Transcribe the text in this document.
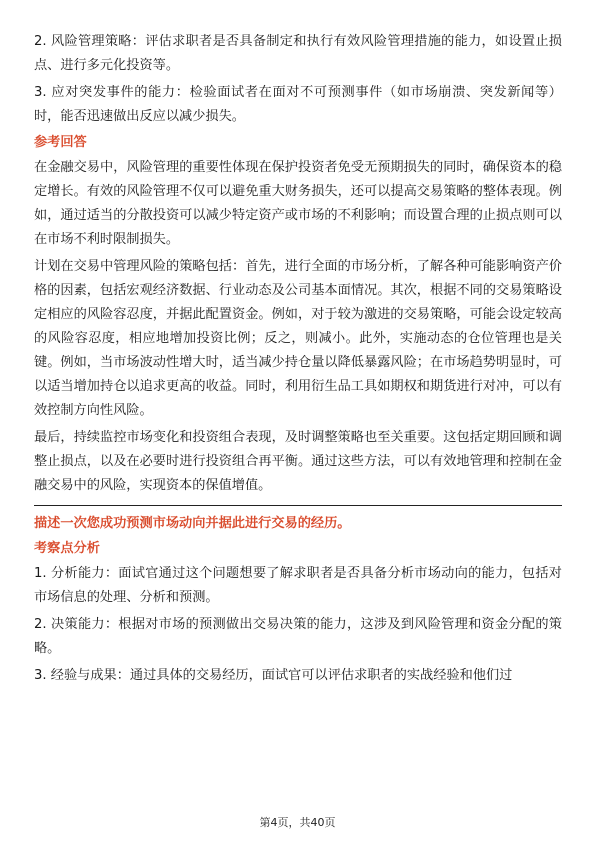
2. 风险管理策略：评估求职者是否具备制定和执行有效风险管理措施的能力，如设置止损点、进行多元化投资等。

3. 应对突发事件的能力：检验面试者在面对不可预测事件（如市场崩溃、突发新闻等）时，能否迅速做出反应以减少损失。

参考回答

在金融交易中，风险管理的重要性体现在保护投资者免受无预期损失的同时，确保资本的稳定增长。有效的风险管理不仅可以避免重大财务损失，还可以提高交易策略的整体表现。例如，通过适当的分散投资可以减少特定资产或市场的不利影响；而设置合理的止损点则可以在市场不利时限制损失。

计划在交易中管理风险的策略包括：首先，进行全面的市场分析，了解各种可能影响资产价格的因素，包括宏观经济数据、行业动态及公司基本面情况。其次，根据不同的交易策略设定相应的风险容忍度，并据此配置资金。例如，对于较为激进的交易策略，可能会设定较高的风险容忍度，相应地增加投资比例；反之，则减小。此外，实施动态的仓位管理也是关键。例如，当市场波动性增大时，适当减少持仓量以降低暴露风险；在市场趋势明显时，可以适当增加持仓以追求更高的收益。同时，利用衍生品工具如期权和期货进行对冲，可以有效控制方向性风险。

最后，持续监控市场变化和投资组合表现，及时调整策略也至关重要。这包括定期回顾和调整止损点，以及在必要时进行投资组合再平衡。通过这些方法，可以有效地管理和控制在金融交易中的风险，实现资本的保值增值。

描述一次您成功预测市场动向并据此进行交易的经历。

考察点分析

1. 分析能力：面试官通过这个问题想要了解求职者是否具备分析市场动向的能力，包括对市场信息的处理、分析和预测。

2. 决策能力：根据对市场的预测做出交易决策的能力，这涉及到风险管理和资金分配的策略。

3. 经验与成果：通过具体的交易经历，面试官可以评估求职者的实战经验和他们过

第4页，共40页
